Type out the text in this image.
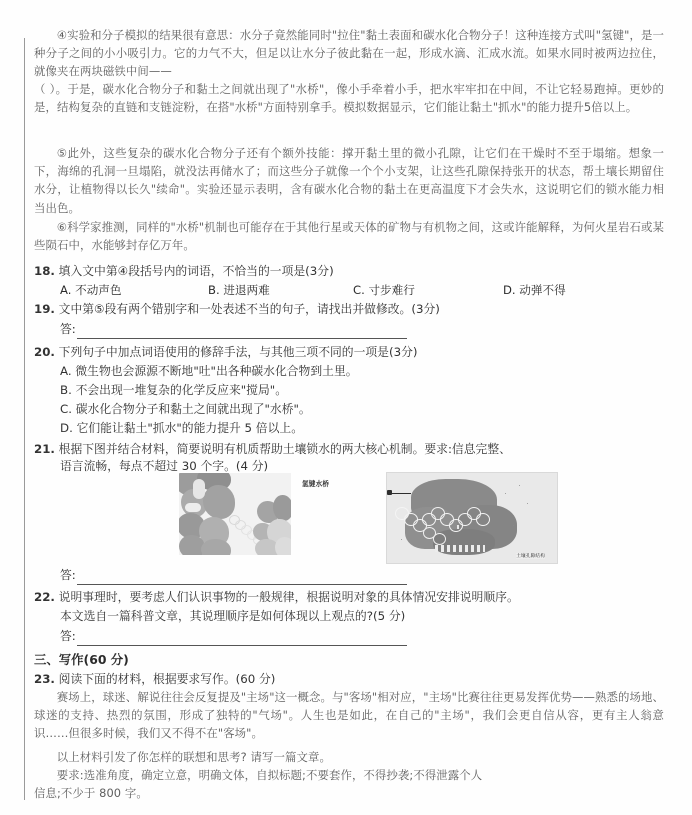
④实验和分子模拟的结果很有意思：水分子竟然能同时"拉住"黏土表面和碳水化合物分子！这种连接方式叫"氢键"，是一种分子之间的小小吸引力。它的力气不大，但足以让水分子彼此黏在一起，形成水滴、汇成水流。如果水同时被两边拉住，就像夹在两块磁铁中间——

（ ）。于是，碳水化合物分子和黏土之间就出现了"水桥"，像小手牵着小手，把水牢牢扣在中间，不让它轻易跑掉。更妙的是，结构复杂的直链和支链淀粉，在搭"水桥"方面特别拿手。模拟数据显示，它们能让黏土"抓水"的能力提升5倍以上。

⑤此外，这些复杂的碳水化合物分子还有个额外技能：撑开黏土里的微小孔隙，让它们在干燥时不至于塌缩。想象一下，海绵的孔洞一旦塌陷，就没法再储水了；而这些分子就像一个个小支架，让这些孔隙保持张开的状态，帮土壤长期留住水分，让植物得以长久"续命"。实验还显示表明，含有碳水化合物的黏土在更高温度下才会失水，这说明它们的锁水能力相当出色。

⑥科学家推测，同样的"水桥"机制也可能存在于其他行星或天体的矿物与有机物之间，这或许能解释，为何火星岩石或某些陨石中，水能够封存亿万年。

18. 填入文中第④段括号内的词语，不恰当的一项是(3分)
A. 不动声色	B. 进退两难	C. 寸步难行	D. 动弹不得
19. 文中第⑤段有两个错别字和一处表述不当的句子，请找出并做修改。(3分)
答:
20. 下列句子中加点词语使用的修辞手法，与其他三项不同的一项是(3分)
A. 微生物也会源源不断地"吐"出各种碳水化合物到土里。
B. 不会出现一堆复杂的化学反应来"搅局"。
C. 碳水化合物分子和黏土之间就出现了"水桥"。
D. 它们能让黏土"抓水"的能力提升 5 倍以上。
21. 根据下图并结合材料，简要说明有机质帮助土壤锁水的两大核心机制。要求:信息完整、
语言流畅，每点不超过 30 个字。(4 分)
氢键水桥
土壤孔隙结构
答:
22. 说明事理时，要考虑人们认识事物的一般规律，根据说明对象的具体情况安排说明顺序。
本文选自一篇科普文章，其说理顺序是如何体现以上观点的?(5 分)
答:
三、写作(60 分)
23. 阅读下面的材料，根据要求写作。(60 分)

赛场上，球迷、解说往往会反复提及"主场"这一概念。与"客场"相对应，"主场"比赛往往更易发挥优势——熟悉的场地、球迷的支持、热烈的氛围，形成了独特的"气场"。人生也是如此，在自己的"主场"，我们会更自信从容，更有主人翁意识……但很多时候，我们又不得不在"客场"。

以上材料引发了你怎样的联想和思考? 请写一篇文章。

要求:选准角度，确定立意，明确文体，自拟标题;不要套作，不得抄袭;不得泄露个人

信息;不少于 800 字。
